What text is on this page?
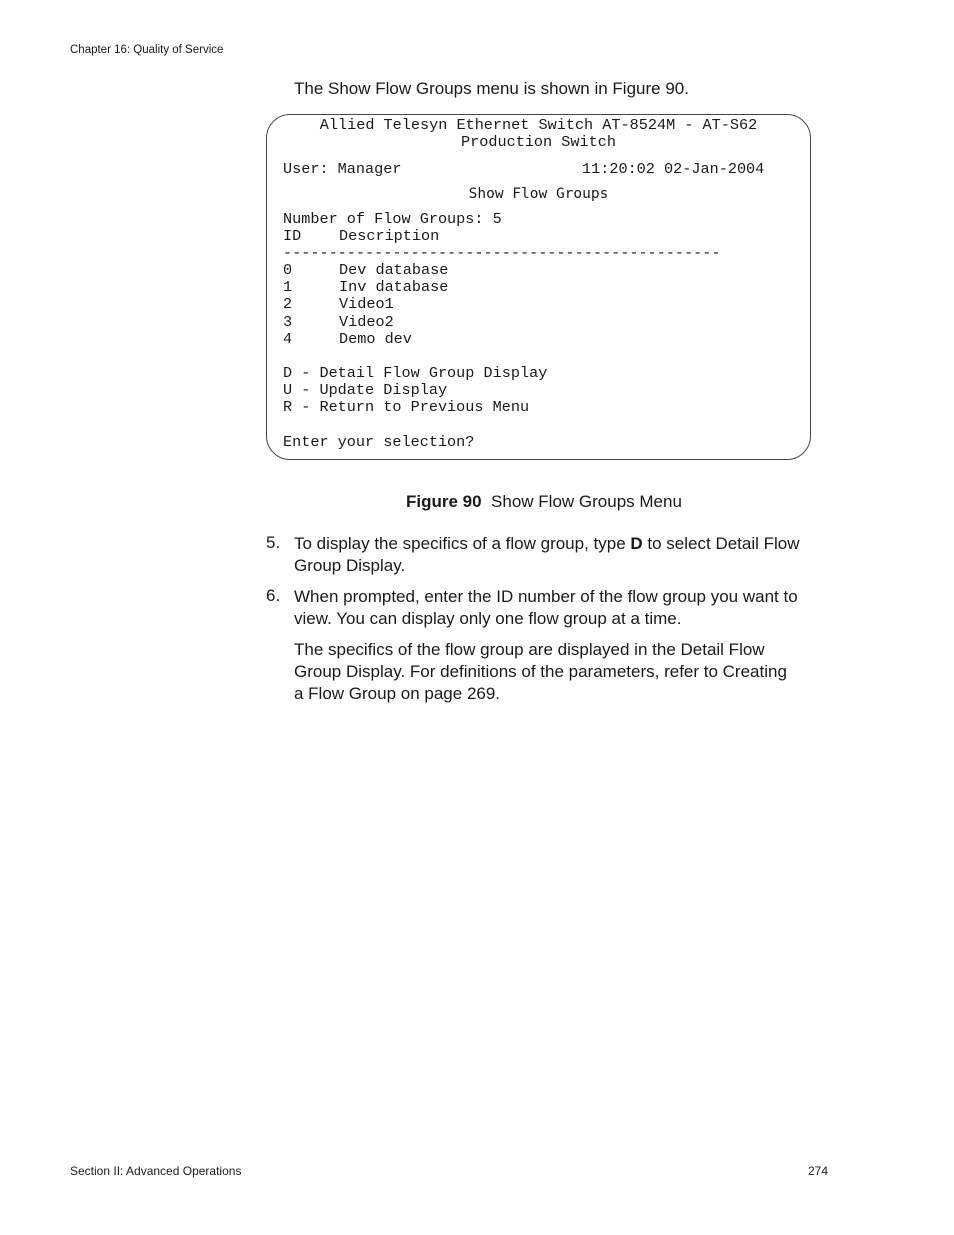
Chapter 16: Quality of Service
The Show Flow Groups menu is shown in Figure 90.
Allied Telesyn Ethernet Switch AT-8524M - AT-S62
Production Switch
User: Manager	11:20:02 02-Jan-2004
Show Flow Groups
Number of Flow Groups: 5
ID Description
------------------------------------------------
0	Dev database
1	Inv database
2	Video1
3	Video2
4	Demo dev
D - Detail Flow Group Display
U - Update Display
R - Return to Previous Menu
Enter your selection?
Figure 90 Show Flow Groups Menu
5. To display the specifics of a flow group, type D to select Detail Flow
Group Display.
6. When prompted, enter the ID number of the flow group you want to
view. You can display only one flow group at a time.
The specifics of the flow group are displayed in the Detail Flow
Group Display. For definitions of the parameters, refer to Creating
a Flow Group on page 269.
Section II: Advanced Operations	274
